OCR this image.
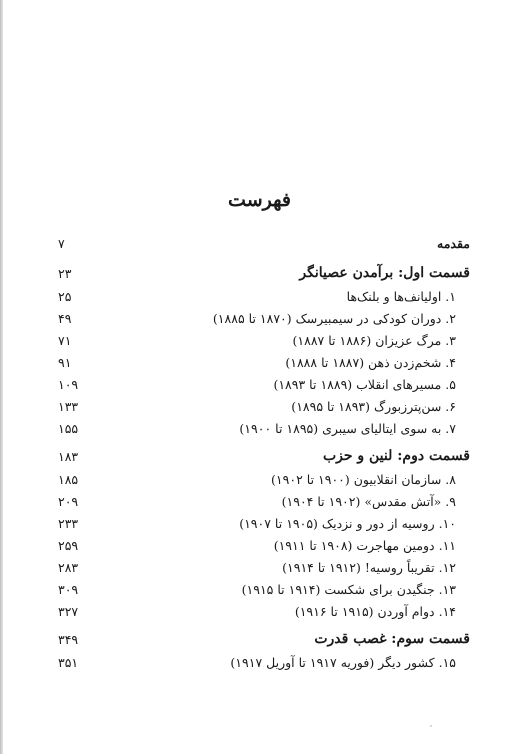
فهرست
مقدمه
۷
قسمت اول: برآمدن عصیانگر
۲۳
۱. اولیانف‌ها و بلنک‌ها
۲۵
۲. دوران کودکی در سیمبیرسک (۱۸۷۰ تا ۱۸۸۵)
۴۹
۳. مرگ عزیزان (۱۸۸۶ تا ۱۸۸۷)
۷۱
۴. شخم‌زدن ذهن (۱۸۸۷ تا ۱۸۸۸)
۹۱
۵. مسیرهای انقلاب (۱۸۸۹ تا ۱۸۹۳)
۱۰۹
۶. سن‌پترزبورگ (۱۸۹۳ تا ۱۸۹۵)
۱۳۳
۷. به سوی ایتالیای سیبری (۱۸۹۵ تا ۱۹۰۰)
۱۵۵
قسمت دوم: لنین و حزب
۱۸۳
۸. سازمان انقلابیون (۱۹۰۰ تا ۱۹۰۲)
۱۸۵
۹. «آتش مقدس» (۱۹۰۲ تا ۱۹۰۴)
۲۰۹
۱۰. روسیه از دور و نزدیک (۱۹۰۵ تا ۱۹۰۷)
۲۳۳
۱۱. دومین مهاجرت (۱۹۰۸ تا ۱۹۱۱)
۲۵۹
۱۲. تقریباً روسیه! (۱۹۱۲ تا ۱۹۱۴)
۲۸۳
۱۳. جنگیدن برای شکست (۱۹۱۴ تا ۱۹۱۵)
۳۰۹
۱۴. دوام آوردن (۱۹۱۵ تا ۱۹۱۶)
۳۲۷
قسمت سوم: غصب قدرت
۳۴۹
۱۵. کشور دیگر (فوریه ۱۹۱۷ تا آوریل ۱۹۱۷)
۳۵۱
